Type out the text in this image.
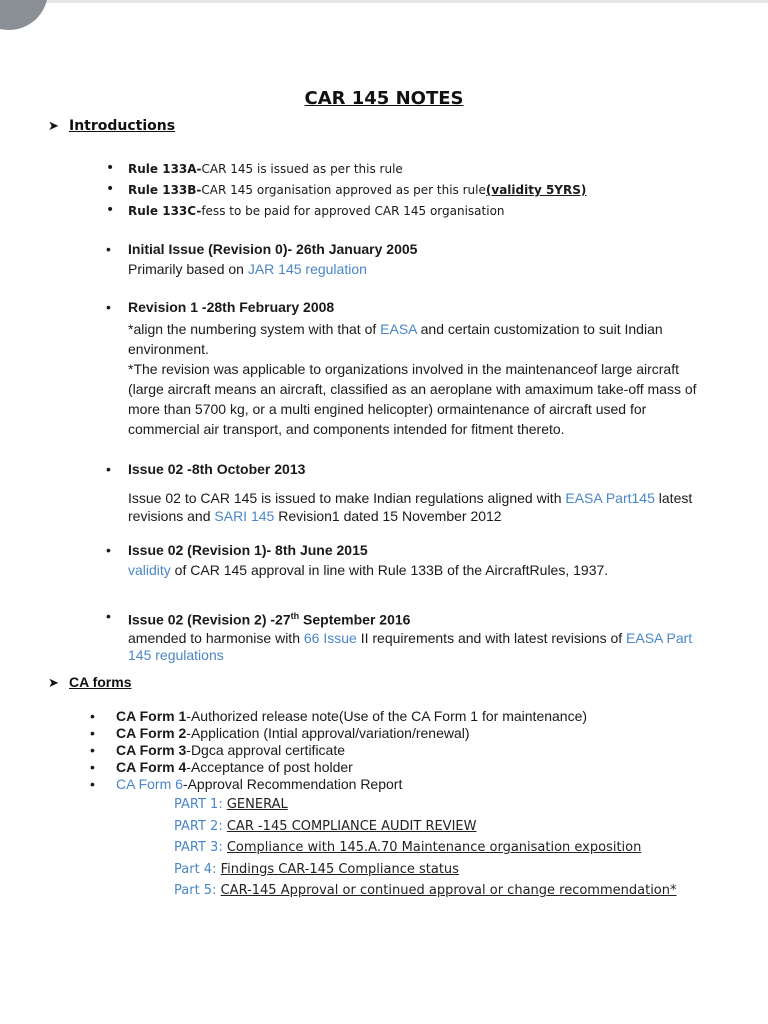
CAR 145 NOTES
➤ Introductions
• Rule 133A-CAR 145 is issued as per this rule
• Rule 133B-CAR 145 organisation approved as per this rule(validity 5YRS)
• Rule 133C-fess to be paid for approved CAR 145 organisation
• Initial Issue (Revision 0)- 26th January 2005

Primarily based on JAR 145 regulation

• Revision 1 -28th February 2008

*align the numbering system with that of EASA and certain customization to suit Indian environment.

*The revision was applicable to organizations involved in the maintenanceof large aircraft (large aircraft means an aircraft, classified as an aeroplane with amaximum take-off mass of more than 5700 kg, or a multi engined helicopter) ormaintenance of aircraft used for commercial air transport, and components intended for fitment thereto.

• Issue 02 -8th October 2013

Issue 02 to CAR 145 is issued to make Indian regulations aligned with EASA Part145 latest revisions and SARI 145 Revision1 dated 15 November 2012

• Issue 02 (Revision 1)- 8th June 2015

validity of CAR 145 approval in line with Rule 133B of the AircraftRules, 1937.

• Issue 02 (Revision 2) -27th September 2016

amended to harmonise with 66 Issue II requirements and with latest revisions of EASA Part 145 regulations

➤ CA forms
• CA Form 1-Authorized release note(Use of the CA Form 1 for maintenance)
• CA Form 2-Application (Intial approval/variation/renewal)
• CA Form 3-Dgca approval certificate
• CA Form 4-Acceptance of post holder
• CA Form 6-Approval Recommendation Report
PART 1: GENERAL
PART 2: CAR -145 COMPLIANCE AUDIT REVIEW
PART 3: Compliance with 145.A.70 Maintenance organisation exposition
Part 4: Findings CAR-145 Compliance status
Part 5: CAR-145 Approval or continued approval or change recommendation*
